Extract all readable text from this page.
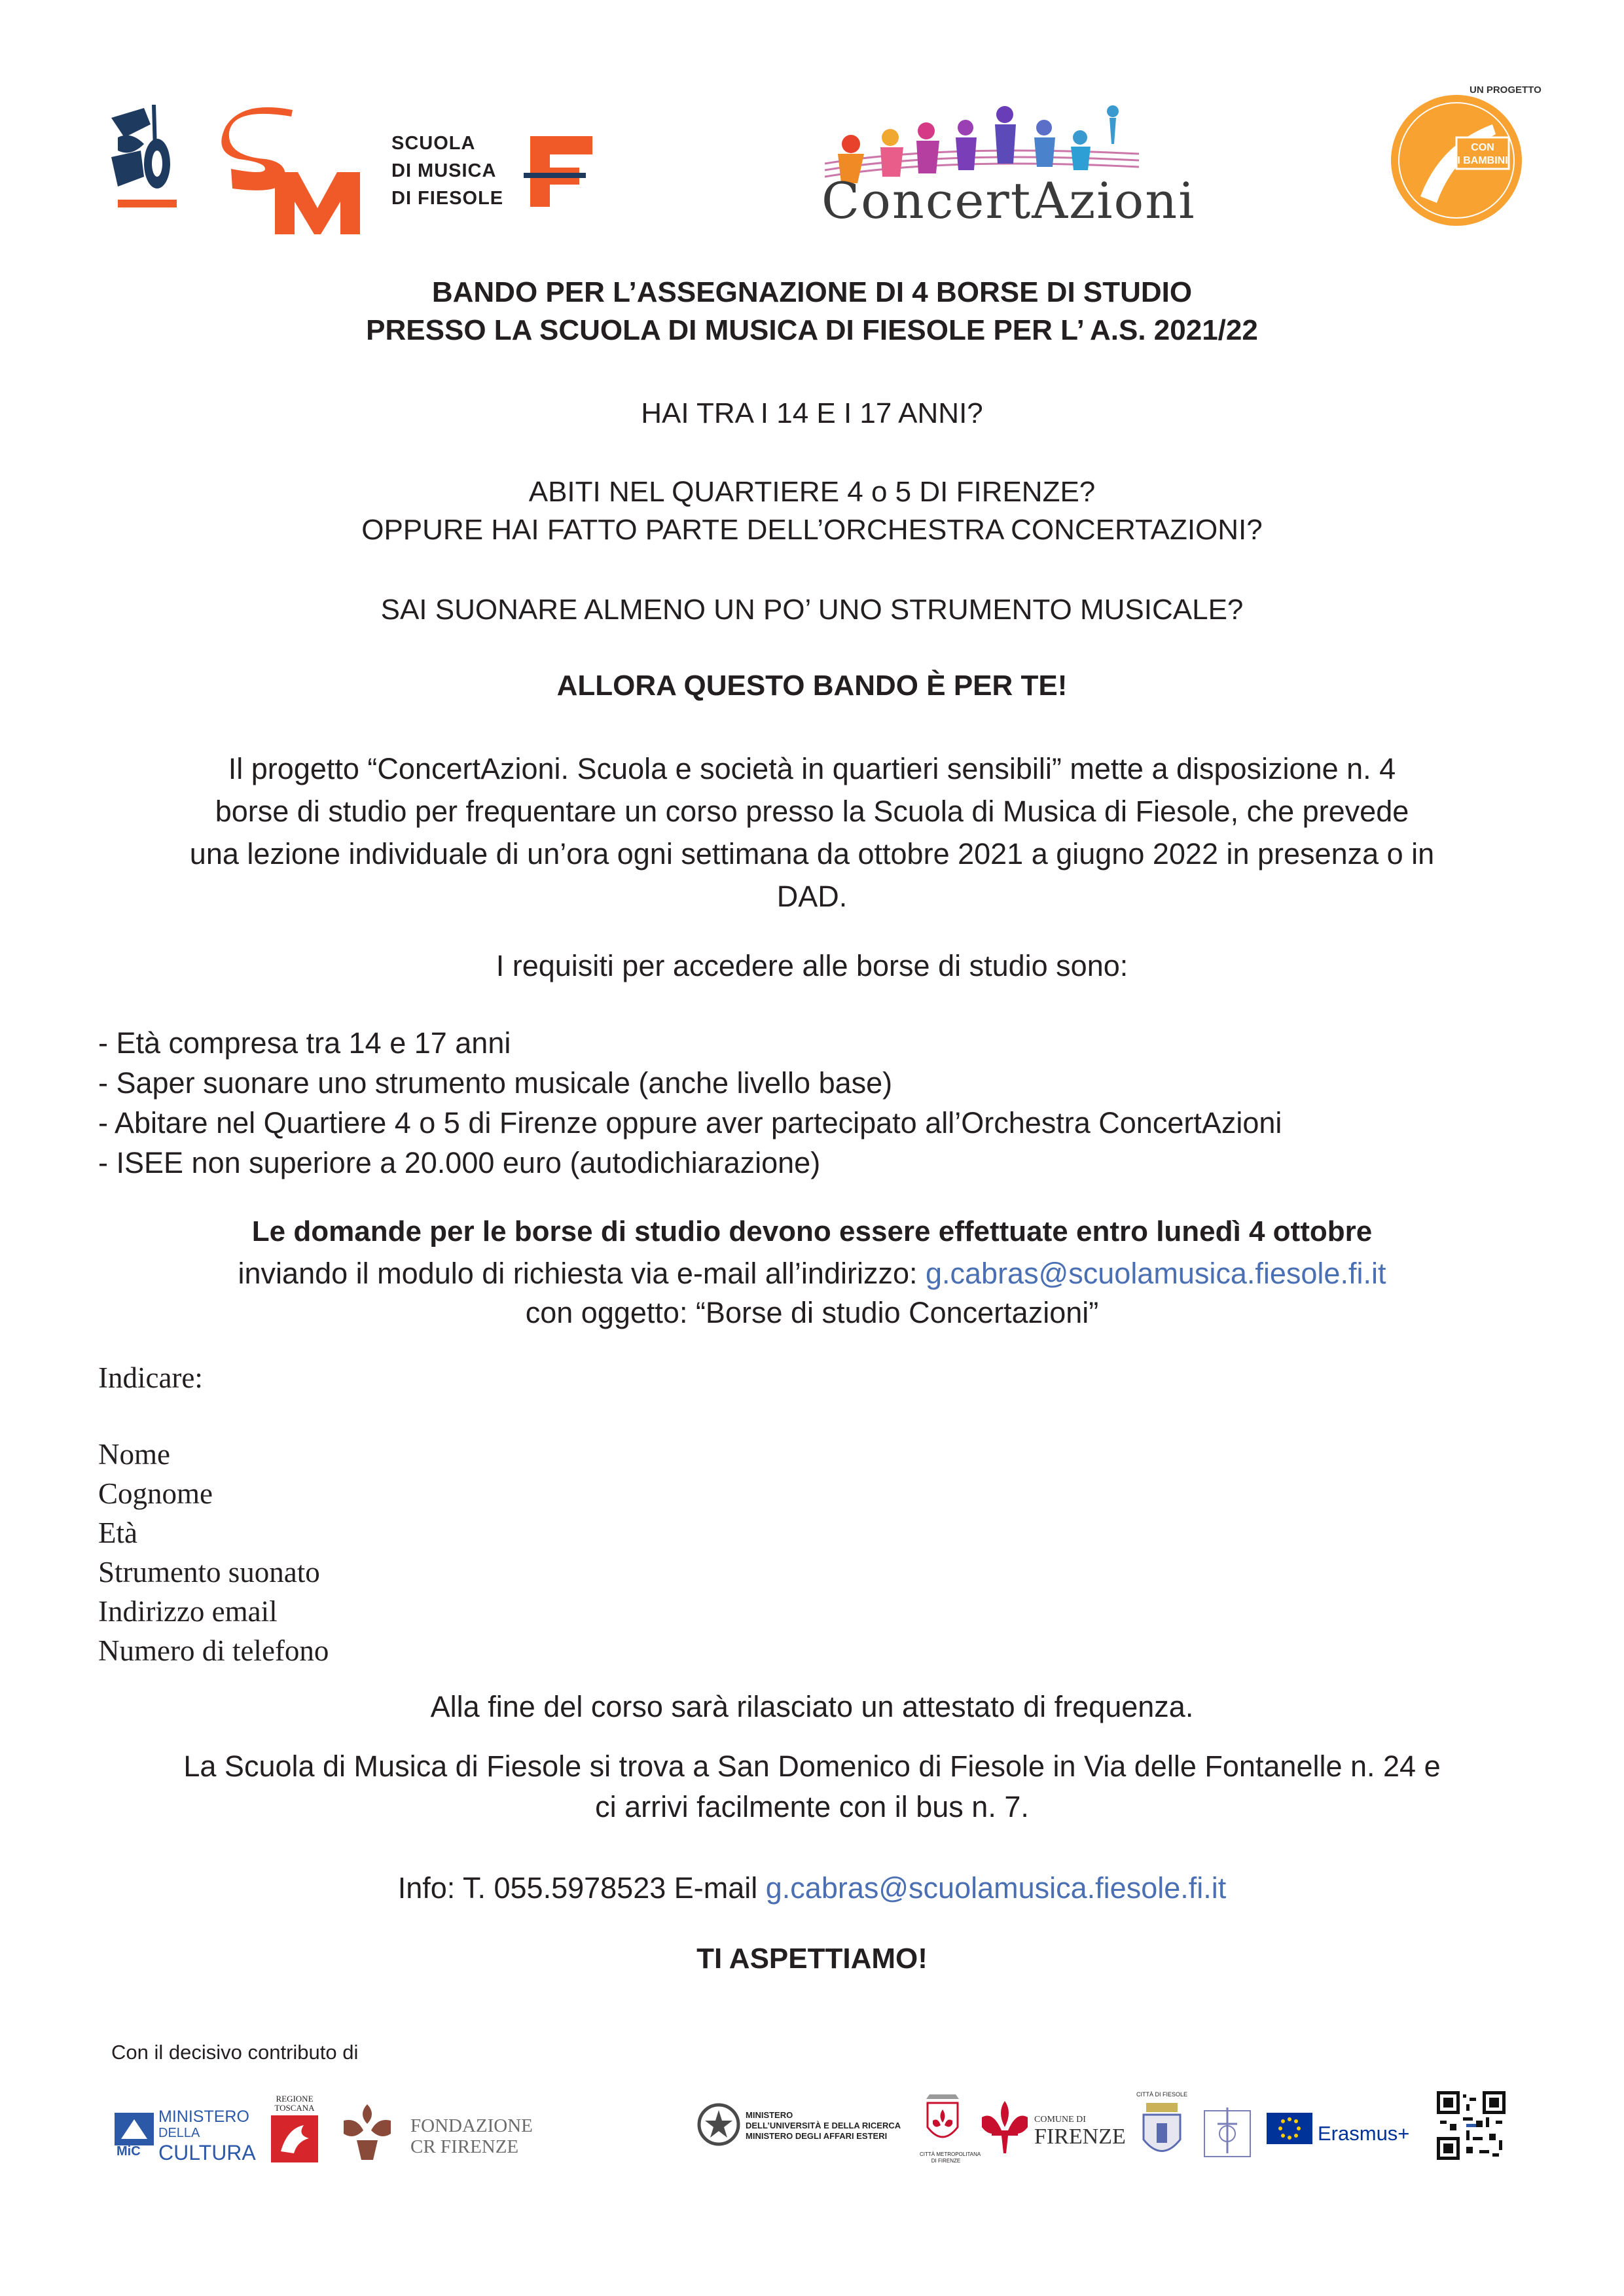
SCUOLA
DI MUSICA
DI FIESOLE	ConcertAzioni
CON
I BAMBINI
UN PROGETTO
BANDO PER L’ASSEGNAZIONE DI 4 BORSE DI STUDIO
PRESSO LA SCUOLA DI MUSICA DI FIESOLE PER L’ A.S. 2021/22
HAI TRA I 14 E I 17 ANNI?
ABITI NEL QUARTIERE 4 o 5 DI FIRENZE?
OPPURE HAI FATTO PARTE DELL’ORCHESTRA CONCERTAZIONI?
SAI SUONARE ALMENO UN PO’ UNO STRUMENTO MUSICALE?
ALLORA QUESTO BANDO È PER TE!
Il progetto “ConcertAzioni. Scuola e società in quartieri sensibili” mette a disposizione n. 4
borse di studio per frequentare un corso presso la Scuola di Musica di Fiesole, che prevede
una lezione individuale di un’ora ogni settimana da ottobre 2021 a giugno 2022 in presenza o in
DAD.
I requisiti per accedere alle borse di studio sono:
- Età compresa tra 14 e 17 anni
- Saper suonare uno strumento musicale (anche livello base)
- Abitare nel Quartiere 4 o 5 di Firenze oppure aver partecipato all’Orchestra ConcertAzioni
- ISEE non superiore a 20.000 euro (autodichiarazione)
Le domande per le borse di studio devono essere effettuate entro lunedì 4 ottobre
inviando il modulo di richiesta via e-mail all’indirizzo: g.cabras@scuolamusica.fiesole.fi.it
con oggetto: “Borse di studio Concertazioni”
Indicare:
Nome
Cognome
Età
Strumento suonato
Indirizzo email
Numero di telefono
Alla fine del corso sarà rilasciato un attestato di frequenza.
La Scuola di Musica di Fiesole si trova a San Domenico di Fiesole in Via delle Fontanelle n. 24 e
ci arrivi facilmente con il bus n. 7.
Info: T. 055.5978523 E-mail g.cabras@scuolamusica.fiesole.fi.it
TI ASPETTIAMO!
Con il decisivo contributo di
MiC
MINISTERO
DELLA
CULTURA
REGIONE
TOSCANA
FONDAZIONE
CR FIRENZE
MINISTERO
DELL’UNIVERSITÀ E DELLA RICERCA
MINISTERO DEGLI AFFARI ESTERI
CITTÀ METROPOLITANA
DI FIRENZE
COMUNE DI
FIRENZE
CITTÀ DI FIESOLE
Erasmus+
